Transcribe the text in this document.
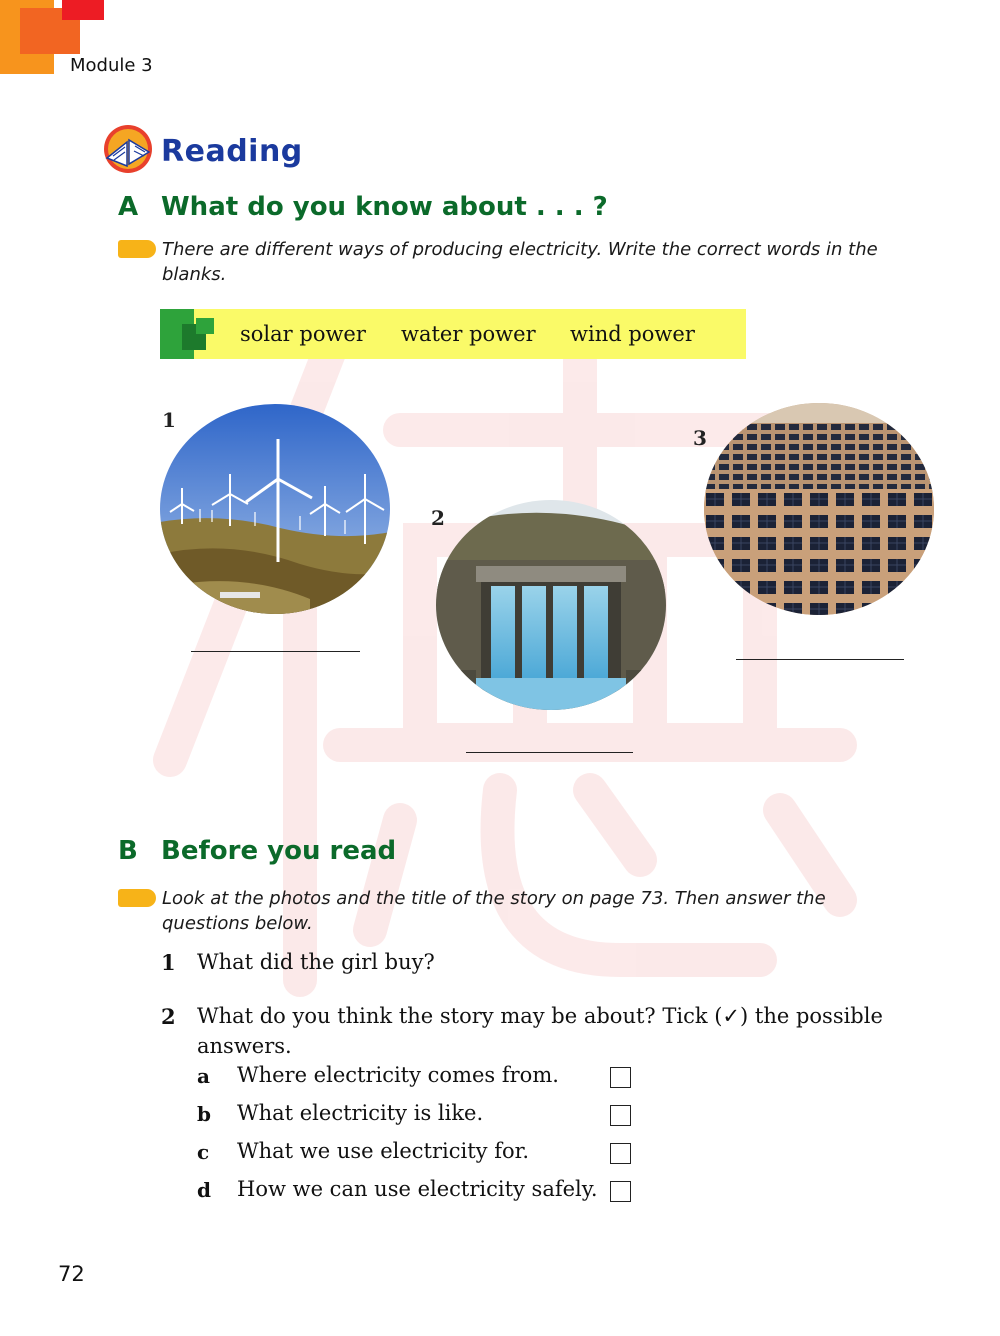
Module 3
Reading
A What do you know about . . . ?
There are different ways of producing electricity. Write the correct words in the blanks.
solar power water power wind power
1
2
3
B Before you read
Look at the photos and the title of the story on page 73. Then answer the questions below.
1 What did the girl buy?
2 What do you think the story may be about? Tick (✓) the possible
answers.
a Where electricity comes from.
b What electricity is like.
c What we use electricity for.
d How we can use electricity safely.
72
